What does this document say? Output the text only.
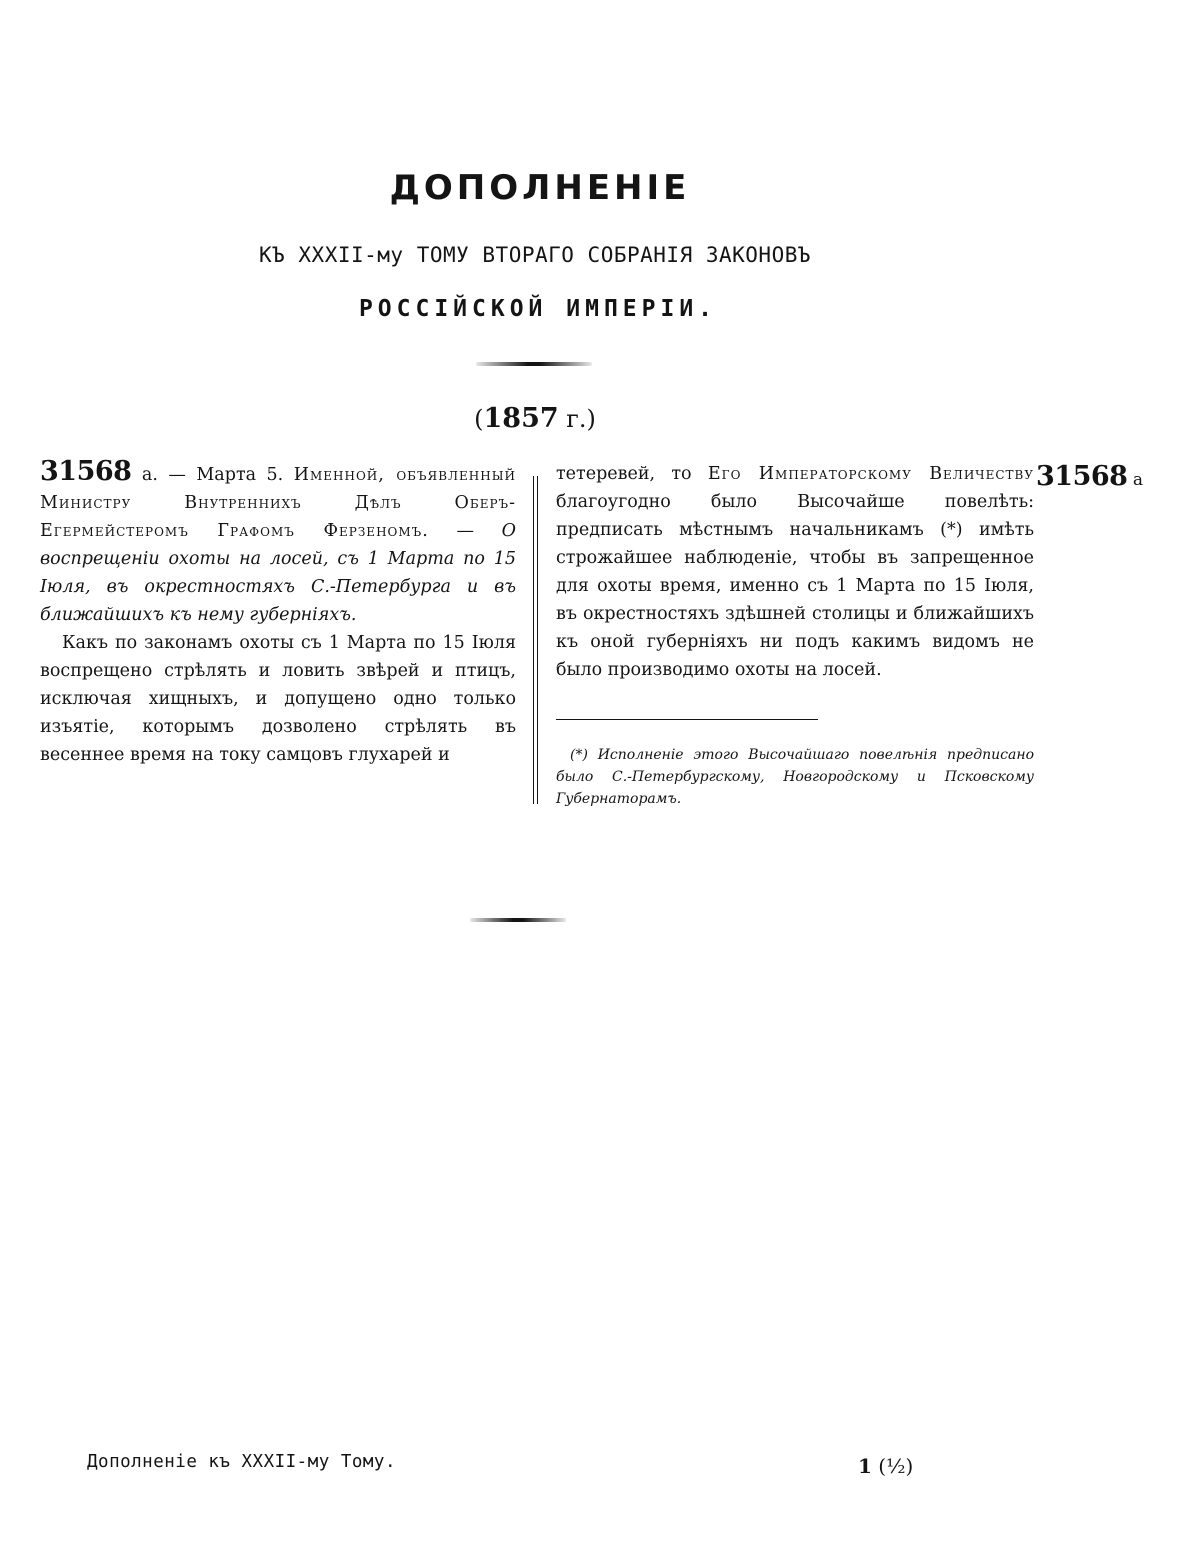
ДОПОЛНЕНІЕ
КЪ XXXII-му ТОМУ ВТОРАГО СОБРАНІЯ ЗАКОНОВЪ
РОССІЙСКОЙ ИМПЕРІИ.
(1857 г.)

31568 а. — Марта 5. Именной, объявленный Министру Внутреннихъ Дѣлъ Оберъ-Егермейстеромъ Графомъ Ферзеномъ. — О воспрещеніи охоты на лосей, съ 1 Марта по 15 Іюля, въ окрестностяхъ С.-Петербурга и въ ближайшихъ къ нему губерніяхъ.

Какъ по законамъ охоты съ 1 Марта по 15 Іюля воспрещено стрѣлять и ловить звѣрей и птицъ, исключая хищныхъ, и допущено одно только изъятіе, которымъ дозволено стрѣлять въ весеннее время на току самцовъ глухарей и

тетеревей, то Его Императорскому Величеству благоугодно было Высочайше повелѣть: предписать мѣстнымъ начальникамъ (*) имѣть строжайшее наблюденіе, чтобы въ запрещенное для охоты время, именно съ 1 Марта по 15 Іюля, въ окрестностяхъ здѣшней столицы и ближайшихъ къ оной губерніяхъ ни подъ какимъ видомъ не было производимо охоты на лосей.

31568 а

(*) Исполненіе этого Высочайшаго повелѣнія предписано было С.-Петербургскому, Новгородскому и Псковскому Губернаторамъ.

Дополненіе къ XXXII-му Тому.	1 (½)
